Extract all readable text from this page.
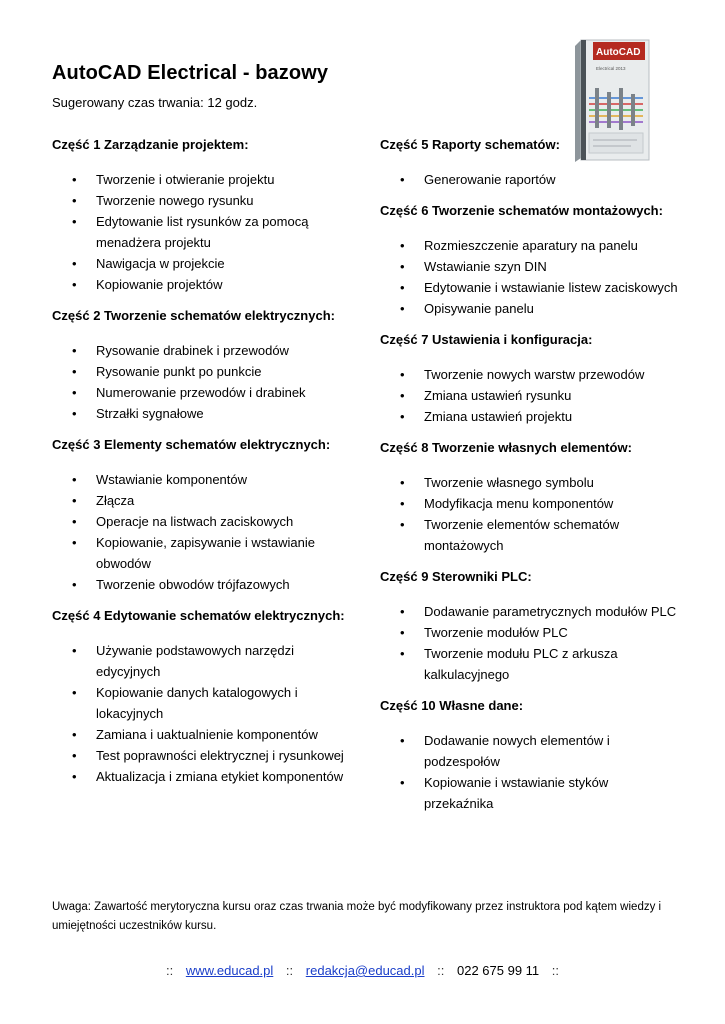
AutoCAD Electrical - bazowy

Sugerowany czas trwania: 12 godz.

AutoCAD
Electrical 2013
Część 1 Zarządzanie projektem:
• Tworzenie i otwieranie projektu
• Tworzenie nowego rysunku
• Edytowanie list rysunków za pomocą menadżera projektu
• Nawigacja w projekcie
• Kopiowanie projektów
Część 2 Tworzenie schematów elektrycznych:
• Rysowanie drabinek i przewodów
• Rysowanie punkt po punkcie
• Numerowanie przewodów i drabinek
• Strzałki sygnałowe
Część 3 Elementy schematów elektrycznych:
• Wstawianie komponentów
• Złącza
• Operacje na listwach zaciskowych
• Kopiowanie, zapisywanie i wstawianie obwodów
• Tworzenie obwodów trójfazowych
Część 4 Edytowanie schematów elektrycznych:
• Używanie podstawowych narzędzi edycyjnych
• Kopiowanie danych katalogowych i lokacyjnych
• Zamiana i uaktualnienie komponentów
• Test poprawności elektrycznej i rysunkowej
• Aktualizacja i zmiana etykiet komponentów
Część 5 Raporty schematów:
• Generowanie raportów
Część 6 Tworzenie schematów montażowych:
• Rozmieszczenie aparatury na panelu
• Wstawianie szyn DIN
• Edytowanie i wstawianie listew zaciskowych
• Opisywanie panelu
Część 7 Ustawienia i konfiguracja:
• Tworzenie nowych warstw przewodów
• Zmiana ustawień rysunku
• Zmiana ustawień projektu
Część 8 Tworzenie własnych elementów:
• Tworzenie własnego symbolu
• Modyfikacja menu komponentów
• Tworzenie elementów schematów montażowych
Część 9 Sterowniki PLC:
• Dodawanie parametrycznych modułów PLC
• Tworzenie modułów PLC
• Tworzenie modułu PLC z arkusza kalkulacyjnego
Część 10 Własne dane:
• Dodawanie nowych elementów i podzespołów
• Kopiowanie i wstawianie styków przekaźnika

Uwaga: Zawartość merytoryczna kursu oraz czas trwania może być modyfikowany przez instruktora pod kątem wiedzy i umiejętności uczestników kursu.

:: www.educad.pl :: redakcja@educad.pl :: 022 675 99 11 ::
